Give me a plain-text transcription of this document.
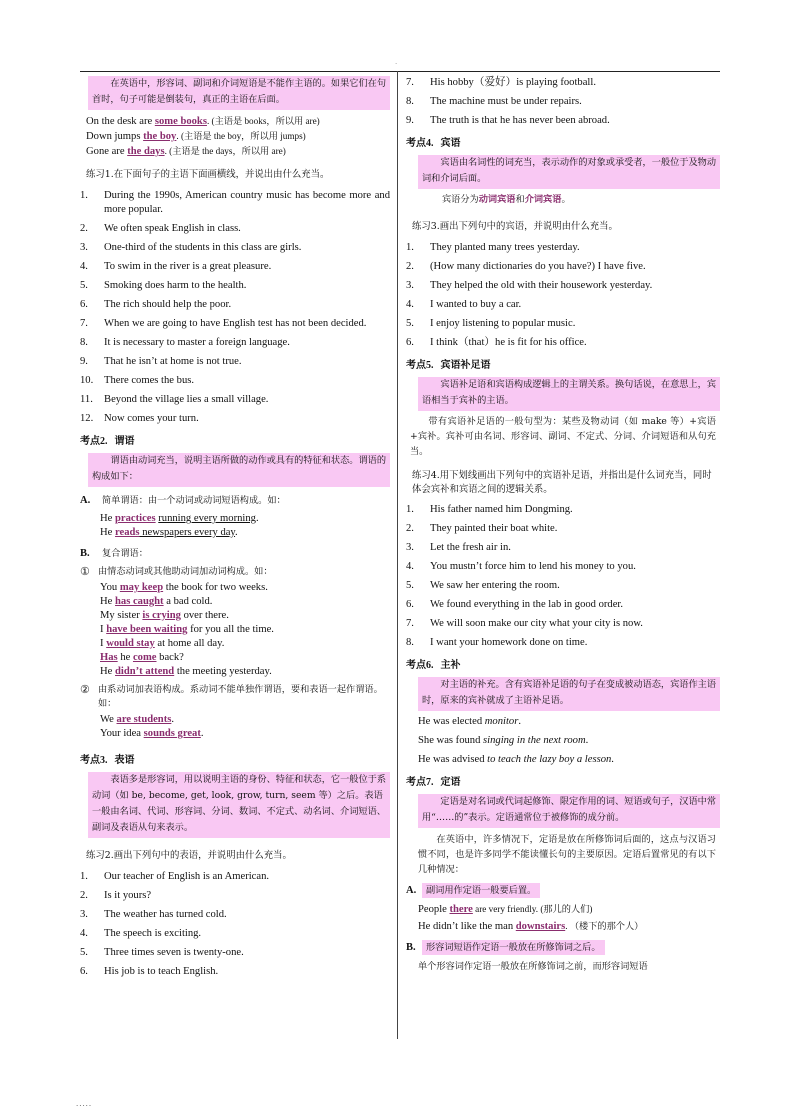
.
在英语中，形容词、副词和介词短语是不能作主语的。如果它们在句首时，句子可能是倒装句，真正的主语在后面。
On the desk are some books. (主语是 books，所以用 are)
Down jumps the boy. (主语是 the boy，所以用 jumps)
Gone are the days. (主语是 the days，所以用 are)
练习1.在下面句子的主语下面画横线，并说出由什么充当。
1.	During the 1990s, American country music has become more and more popular.
2.	We often speak English in class.
3.	One-third of the students in this class are girls.
4.	To swim in the river is a great pleasure.
5.	Smoking does harm to the health.
6.	The rich should help the poor.
7.	When we are going to have English test has not been decided.
8.	It is necessary to master a foreign language.
9.	That he isn’t at home is not true.
10.	There comes the bus.
11.	Beyond the village lies a small village.
12.	Now comes your turn.
考点2. 谓语
谓语由动词充当，说明主语所做的动作或具有的特征和状态。谓语的构成如下：
A.	简单谓语：由一个动词或动词短语构成。如：
He practices running every morning.
He reads newspapers every day.
B.	复合谓语：
① 由情态动词或其他助动词加动词构成。如：
You may keep the book for two weeks.
He has caught a bad cold.
My sister is crying over there.
I have been waiting for you all the time.
I would stay at home all day.
Has he come back?
He didn’t attend the meeting yesterday.
② 由系动词加表语构成。系动词不能单独作谓语，要和表语一起作谓语。如：
We are students.
Your idea sounds great.
考点3. 表语
表语多是形容词，用以说明主语的身份、特征和状态，它一般位于系动词（如 be, become, get, look, grow, turn, seem 等）之后。表语一般由名词、代词、形容词、分词、数词、不定式、动名词、介词短语、副词及表语从句来表示。
练习2.画出下列句中的表语，并说明由什么充当。
1.	Our teacher of English is an American.
2.	Is it yours?
3.	The weather has turned cold.
4.	The speech is exciting.
5.	Three times seven is twenty-one.
6.	His job is to teach English.
7.	His hobby（爱好）is playing football.
8.	The machine must be under repairs.
9.	The truth is that he has never been abroad.
考点4. 宾语
宾语由名词性的词充当，表示动作的对象或承受者，一般位于及物动词和介词后面。
宾语分为动词宾语和介词宾语。
练习3.画出下列句中的宾语，并说明由什么充当。
1.	They planted many trees yesterday.
2.	(How many dictionaries do you have?) I have five.
3.	They helped the old with their housework yesterday.
4.	I wanted to buy a car.
5.	I enjoy listening to popular music.
6.	I think（that）he is fit for his office.
考点5. 宾语补足语
宾语补足语和宾语构成逻辑上的主谓关系。换句话说，在意思上，宾语相当于宾补的主语。
带有宾语补足语的一般句型为：某些及物动词（如 make 等）+宾语+宾补。宾补可由名词、形容词、副词、不定式、分词、介词短语和从句充当。
练习4.用下划线画出下列句中的宾语补足语，并指出是什么词充当，同时体会宾补和宾语之间的逻辑关系。
1.	His father named him Dongming.
2.	They painted their boat white.
3.	Let the fresh air in.
4.	You mustn’t force him to lend his money to you.
5.	We saw her entering the room.
6.	We found everything in the lab in good order.
7.	We will soon make our city what your city is now.
8.	I want your homework done on time.
考点6. 主补
对主语的补充。含有宾语补足语的句子在变成被动语态，宾语作主语时，原来的宾补就成了主语补足语。
He was elected monitor.
She was found singing in the next room.
He was advised to teach the lazy boy a lesson.
考点7. 定语
定语是对名词或代词起修饰、限定作用的词、短语或句子，汉语中常用“……的”表示。定语通常位于被修饰的成分前。
在英语中，许多情况下，定语是放在所修饰词后面的，这点与汉语习惯不同，也是许多同学不能读懂长句的主要原因。定语后置常见的有以下几种情况：
A.	副词用作定语一般要后置。
People there are very friendly. (那儿的人们)
He didn’t like the man downstairs. （楼下的那个人）
B.	形容词短语作定语一般放在所修饰词之后。
单个形容词作定语一般放在所修饰词之前，而形容词短语
.....
